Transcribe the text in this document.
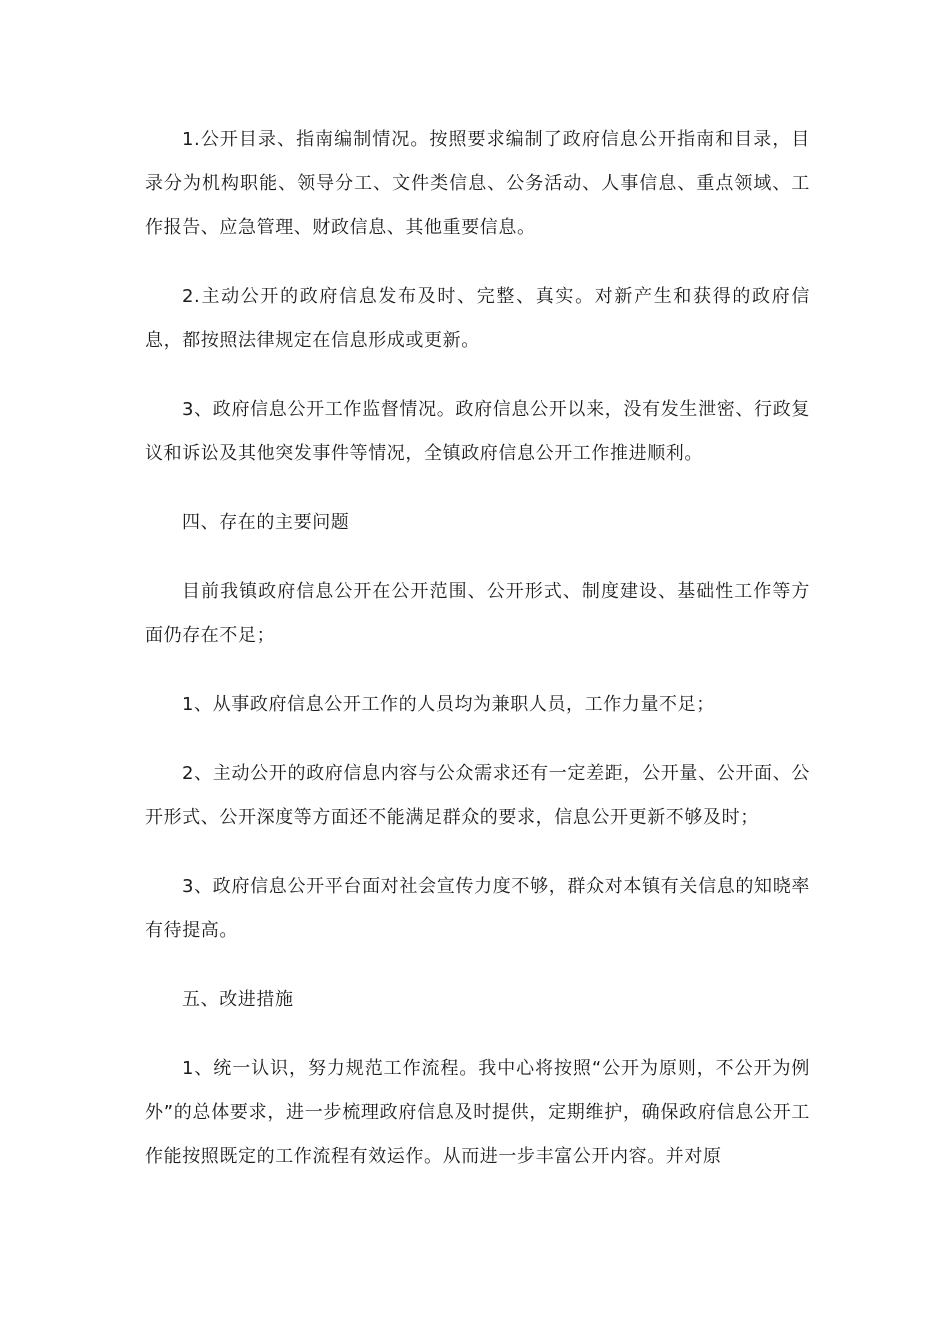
1.公开目录、指南编制情况。按照要求编制了政府信息公开指南和目录，目录分为机构职能、领导分工、文件类信息、公务活动、人事信息、重点领域、工作报告、应急管理、财政信息、其他重要信息。

2.主动公开的政府信息发布及时、完整、真实。对新产生和获得的政府信息，都按照法律规定在信息形成或更新。

3、政府信息公开工作监督情况。政府信息公开以来，没有发生泄密、行政复议和诉讼及其他突发事件等情况，全镇政府信息公开工作推进顺利。

四、存在的主要问题

目前我镇政府信息公开在公开范围、公开形式、制度建设、基础性工作等方面仍存在不足；

1、从事政府信息公开工作的人员均为兼职人员，工作力量不足；

2、主动公开的政府信息内容与公众需求还有一定差距，公开量、公开面、公开形式、公开深度等方面还不能满足群众的要求，信息公开更新不够及时；

3、政府信息公开平台面对社会宣传力度不够，群众对本镇有关信息的知晓率有待提高。

五、改进措施

1、统一认识，努力规范工作流程。我中心将按照“公开为原则，不公开为例外”的总体要求，进一步梳理政府信息及时提供，定期维护，确保政府信息公开工作能按照既定的工作流程有效运作。从而进一步丰富公开内容。并对原
